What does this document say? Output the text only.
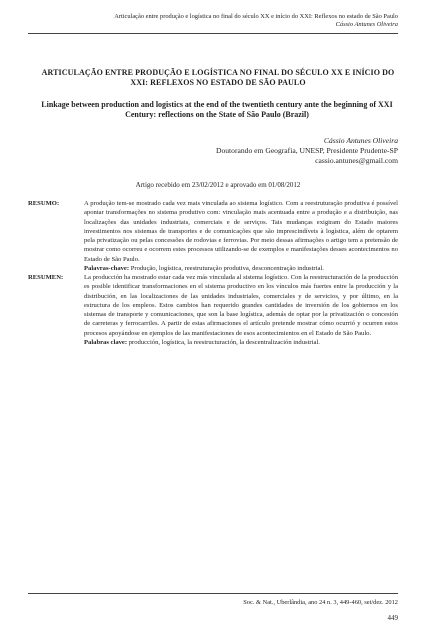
Articulação entre produção e logística no final do século XX e início do XXI: Reflexos no estado de São Paulo
Cássio Antunes Oliveira
ARTICULAÇÃO ENTRE PRODUÇÃO E LOGÍSTICA NO FINAL DO SÉCULO XX E INÍCIO DO XXI: REFLEXOS NO ESTADO DE SÃO PAULO
Linkage between production and logistics at the end of the twentieth century ante the beginning of XXI Century: reflections on the State of São Paulo (Brazil)
Cássio Antunes Oliveira
Doutorando em Geografia, UNESP, Presidente Prudente-SP
cassio.antunes@gmail.com
Artigo recebido em 23/02/2012 e aprovado em 01/08/2012
RESUMO:	A produção tem-se mostrado cada vez mais vinculada ao sistema logístico. Com a reestruturação produtiva é possível apontar transformações no sistema produtivo com: vinculação mais acentuada entre a produção e a distribuição, nas localizações das unidades industriais, comerciais e de serviços. Tais mudanças exigiram do Estado maiores investimentos nos sistemas de transportes e de comunicações que são imprescindíveis à logística, além de optarem pela privatização ou pelas concessões de rodovias e ferrovias. Por meio dessas afirmações o artigo tem a pretensão de mostrar como ocorreu e ocorrem estes processos utilizando-se de exemplos e manifestações desses acontecimentos no Estado de São Paulo.
Palavras-chave: Produção, logística, reestruturação produtiva, desconcentração industrial.
RESUMEN:	La producción ha mostrado estar cada vez más vinculada al sistema logístico. Con la reestructuración de la producción es posible identificar transformaciones en el sistema productivo en los vínculos más fuertes entre la producción y la distribución, en las localizaciones de las unidades industriales, comerciales y de servicios, y por último, en la estructura de los empleos. Estos cambios han requerido grandes cantidades de inversión de los gobiernos en los sistemas de transporte y comunicaciones, que son la base logística, además de optar por la privatización o concesión de carreteras y ferrocarriles. A partir de estas afirmaciones el artículo pretende mostrar cómo ocurrió y ocurren estos procesos apoyándose en ejemplos de las manifestaciones de esos acontecimientos en el Estado de São Paulo.
Palabras clave: producción, logística, la reestructuración, la descentralización industrial.
Soc. & Nat., Uberlândia, ano 24 n. 3, 449-460, set/dez. 2012
449
